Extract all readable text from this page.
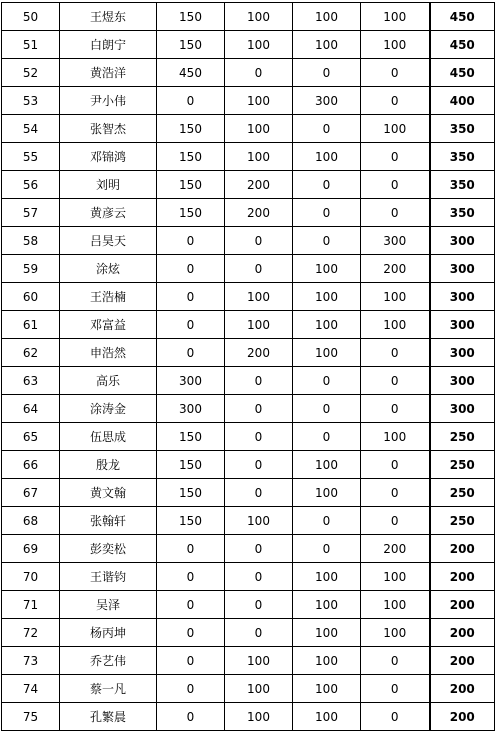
50	王煜东	150	100	100	100	450
51	白朗宁	150	100	100	100	450
52	黄浩洋	450	0	0	0	450
53	尹小伟	0	100	300	0	400
54	张智杰	150	100	0	100	350
55	邓锦鸿	150	100	100	0	350
56	刘明	150	200	0	0	350
57	黄彦云	150	200	0	0	350
58	吕昊天	0	0	0	300	300
59	涂炫	0	0	100	200	300
60	王浩楠	0	100	100	100	300
61	邓富益	0	100	100	100	300
62	申浩然	0	200	100	0	300
63	高乐	300	0	0	0	300
64	涂涛金	300	0	0	0	300
65	伍思成	150	0	0	100	250
66	殷龙	150	0	100	0	250
67	黄文翰	150	0	100	0	250
68	张翰轩	150	100	0	0	250
69	彭奕松	0	0	0	200	200
70	王谐钧	0	0	100	100	200
71	吴泽	0	0	100	100	200
72	杨丙坤	0	0	100	100	200
73	乔艺伟	0	100	100	0	200
74	蔡一凡	0	100	100	0	200
75	孔繁晨	0	100	100	0	200
